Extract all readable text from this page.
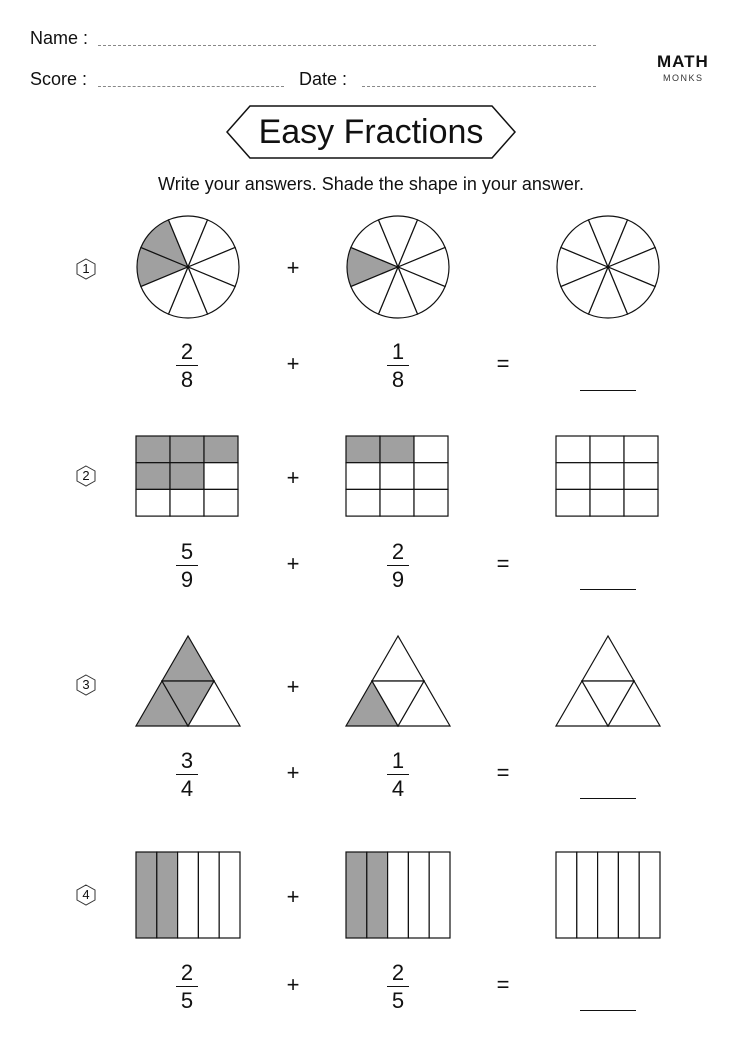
Name :
Score :	Date :
MATH
MONKS
Easy Fractions
Write your answers. Shade the shape in your answer.
1	+
2
8
+	1
8
=
2	+
5
9
+	2
9
=
3	+
3
4
+	1
4
=
4	+
2
5
+	2
5
=
